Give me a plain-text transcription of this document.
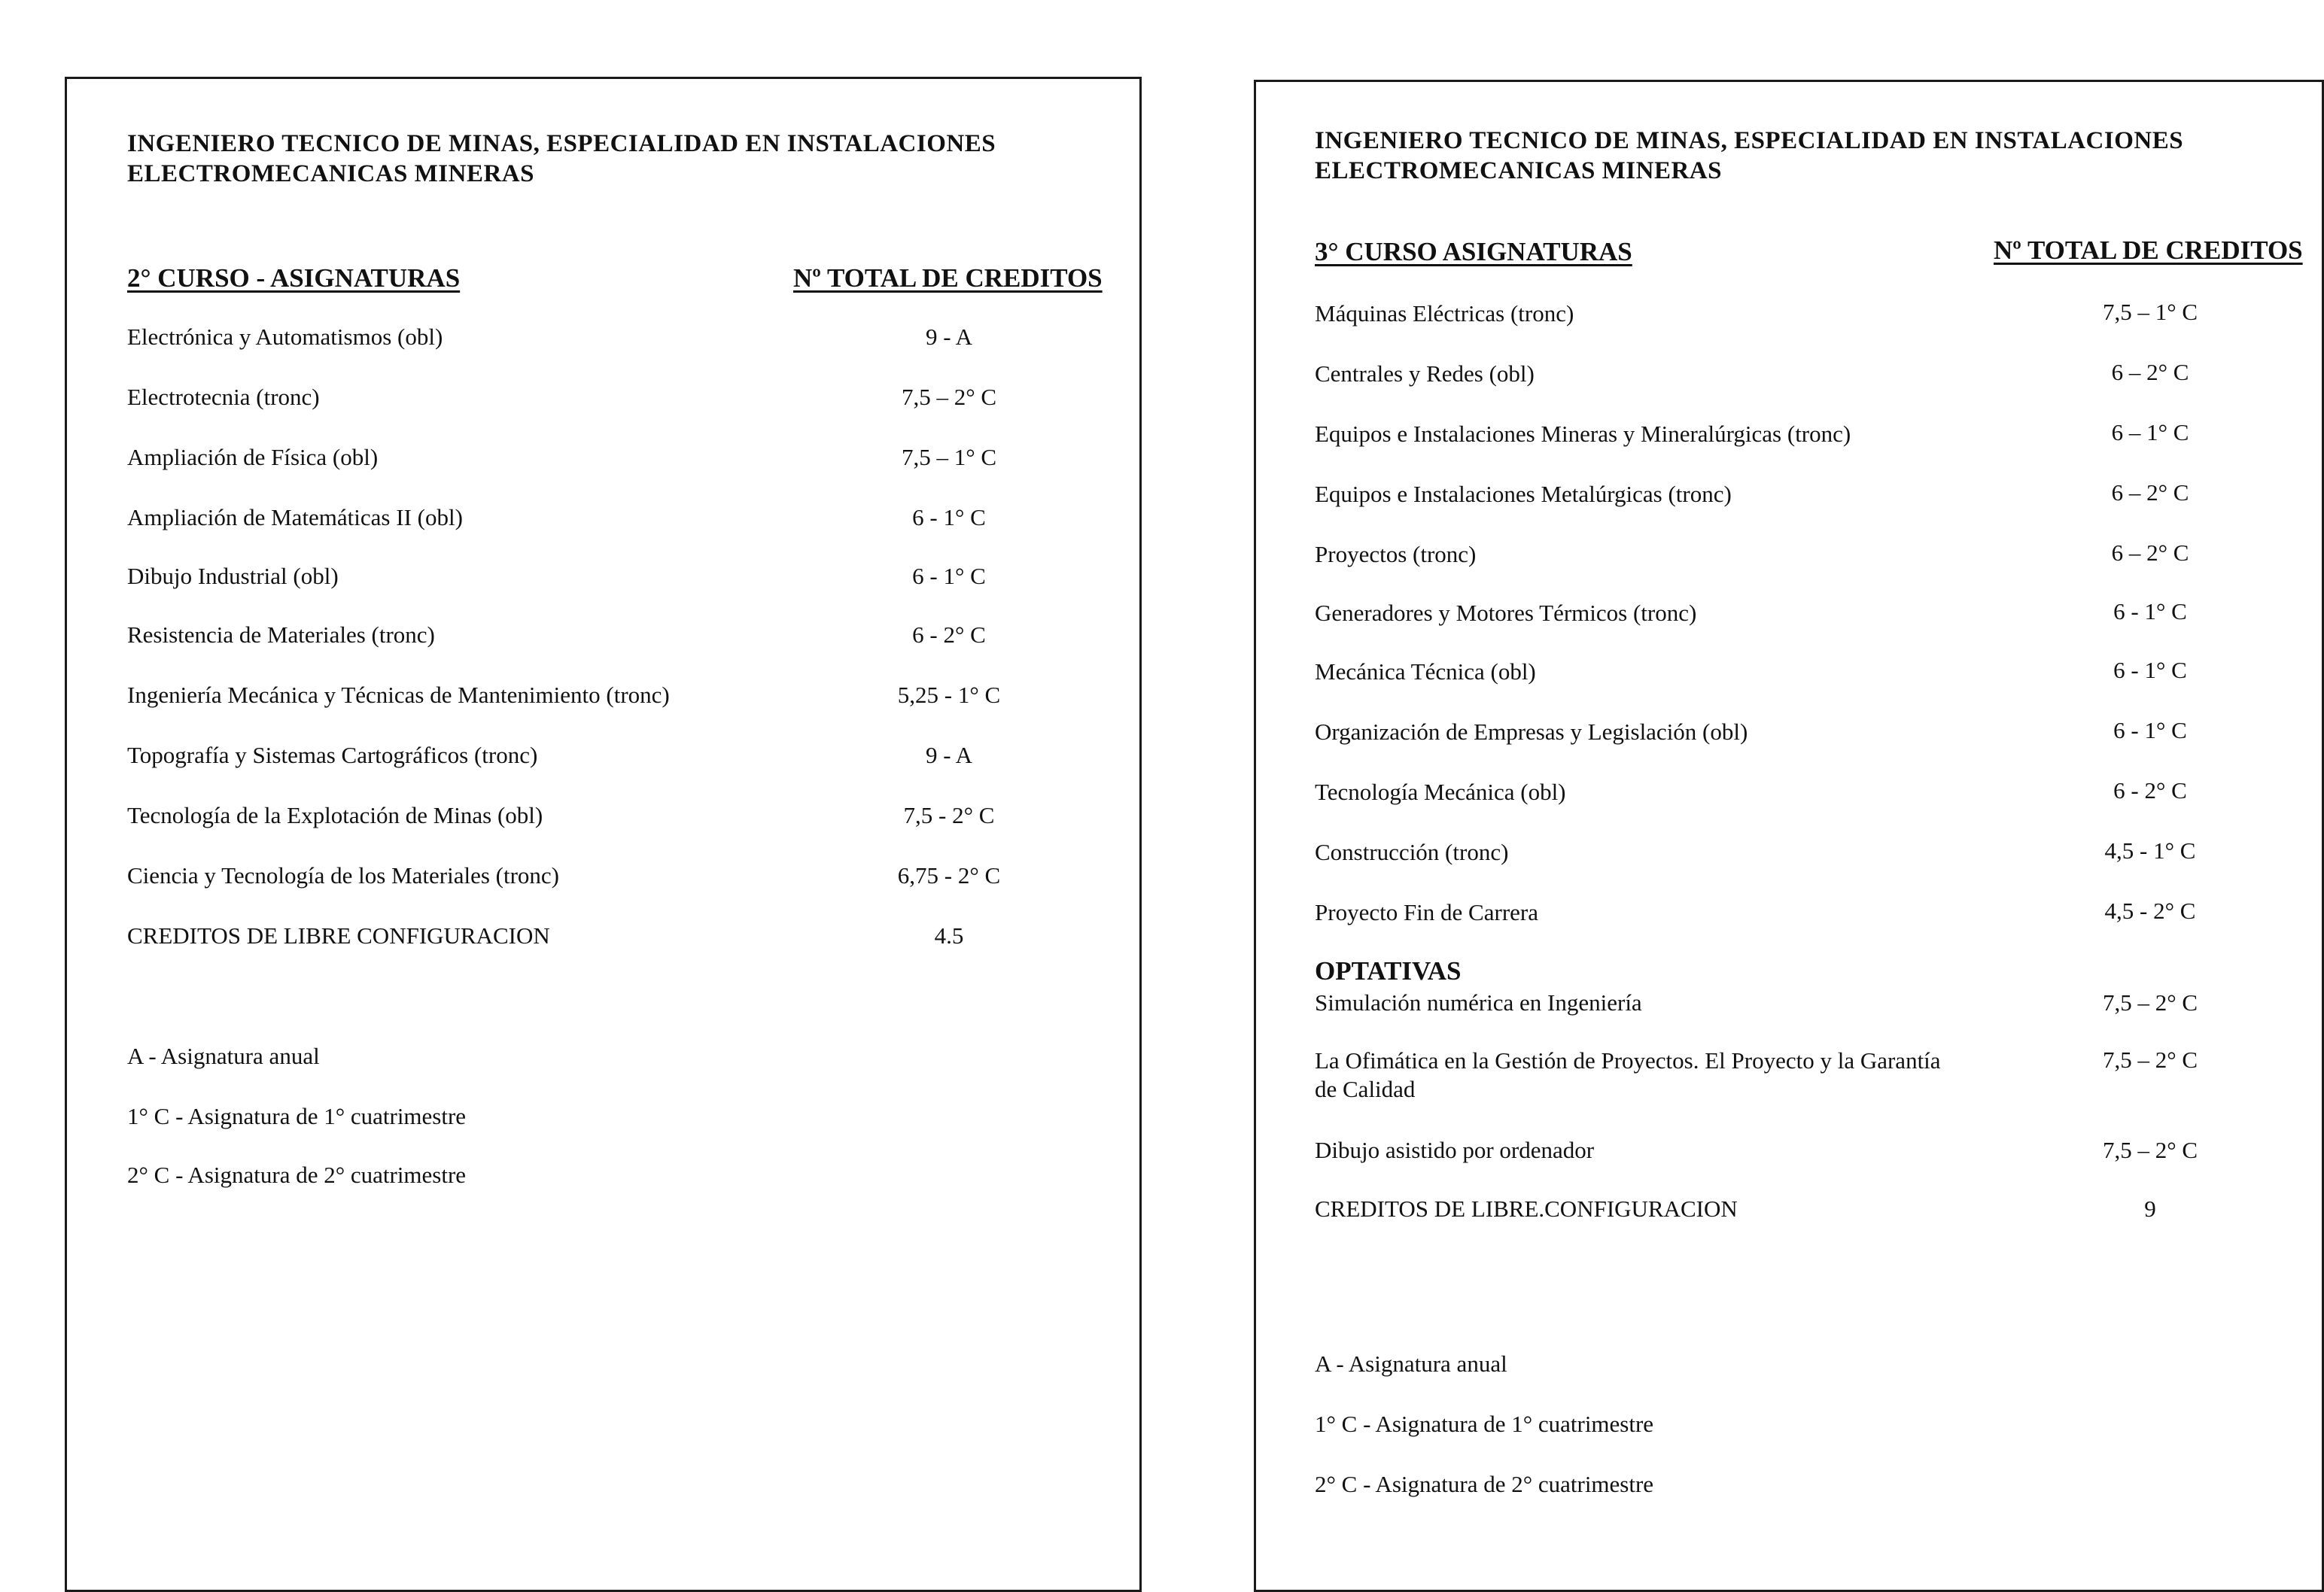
INGENIERO TECNICO DE MINAS, ESPECIALIDAD EN INSTALACIONES
ELECTROMECANICAS MINERAS
2° CURSO - ASIGNATURAS	Nº TOTAL DE CREDITOS
Electrónica y Automatismos (obl)	9 - A
Electrotecnia (tronc)	7,5 – 2° C
Ampliación de Física (obl)	7,5 – 1° C
Ampliación de Matemáticas II (obl)	6 - 1° C
Dibujo Industrial (obl)	6 - 1° C
Resistencia de Materiales (tronc)	6 - 2° C
Ingeniería Mecánica y Técnicas de Mantenimiento (tronc)	5,25 - 1° C
Topografía y Sistemas Cartográficos (tronc)	9 - A
Tecnología de la Explotación de Minas (obl)	7,5 - 2° C
Ciencia y Tecnología de los Materiales (tronc)	6,75 - 2° C
CREDITOS DE LIBRE CONFIGURACION	4.5
A - Asignatura anual
1° C - Asignatura de 1° cuatrimestre
2° C - Asignatura de 2° cuatrimestre
INGENIERO TECNICO DE MINAS, ESPECIALIDAD EN INSTALACIONES
ELECTROMECANICAS MINERAS
3° CURSO ASIGNATURAS	Nº TOTAL DE CREDITOS
Máquinas Eléctricas (tronc)	7,5 – 1° C
Centrales y Redes (obl)	6 – 2° C
Equipos e Instalaciones Mineras y Mineralúrgicas (tronc)	6 – 1° C
Equipos e Instalaciones Metalúrgicas (tronc)	6 – 2° C
Proyectos (tronc)	6 – 2° C
Generadores y Motores Térmicos (tronc)	6 - 1° C
Mecánica Técnica (obl)	6 - 1° C
Organización de Empresas y Legislación (obl)	6 - 1° C
Tecnología Mecánica (obl)	6 - 2° C
Construcción (tronc)	4,5 - 1° C
Proyecto Fin de Carrera	4,5 - 2° C
OPTATIVAS
Simulación numérica en Ingeniería	7,5 – 2° C
La Ofimática en la Gestión de Proyectos. El Proyecto y la Garantía de Calidad
7,5 – 2° C
Dibujo asistido por ordenador	7,5 – 2° C
CREDITOS DE LIBRE.CONFIGURACION	9
A - Asignatura anual
1° C - Asignatura de 1° cuatrimestre
2° C - Asignatura de 2° cuatrimestre
